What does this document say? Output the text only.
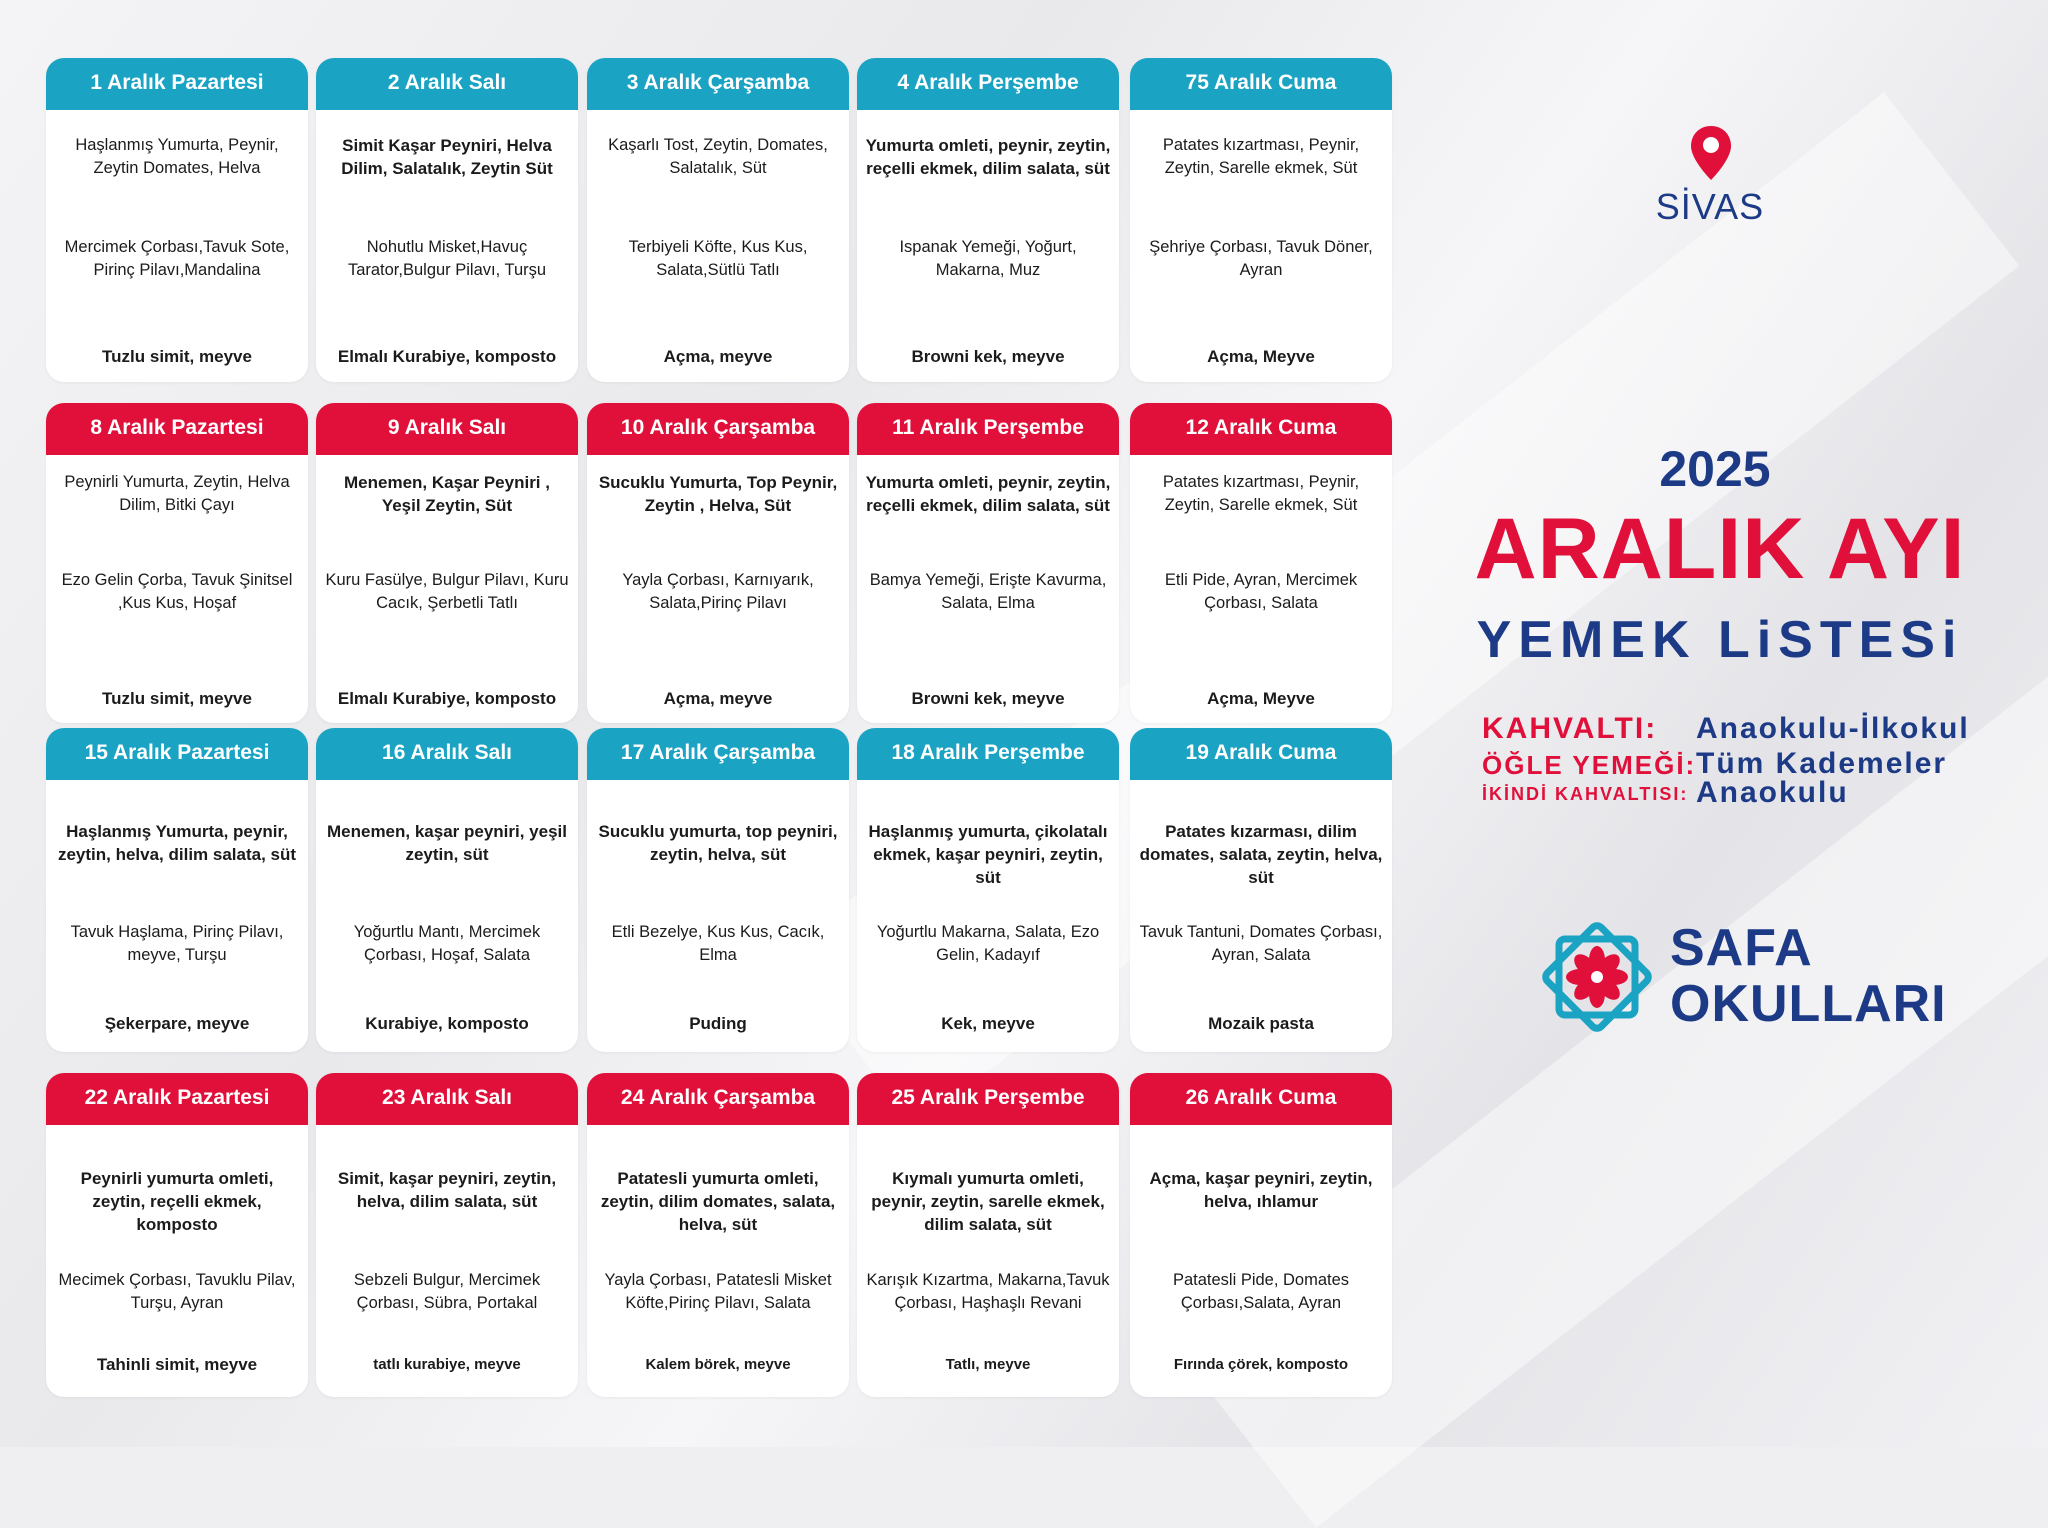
1 Aralık Pazartesi
Haşlanmış Yumurta, Peynir, Zeytin Domates, Helva
Mercimek Çorbası,Tavuk Sote, Pirinç Pilavı,Mandalina
Tuzlu simit, meyve
2 Aralık Salı
Simit Kaşar Peyniri, Helva Dilim, Salatalık, Zeytin Süt
Nohutlu Misket,Havuç Tarator,Bulgur Pilavı, Turşu
Elmalı Kurabiye, komposto
3 Aralık Çarşamba
Kaşarlı Tost, Zeytin, Domates, Salatalık, Süt
Terbiyeli Köfte, Kus Kus, Salata,Sütlü Tatlı
Açma, meyve
4 Aralık Perşembe
Yumurta omleti, peynir, zeytin, reçelli ekmek, dilim salata, süt
Ispanak Yemeği, Yoğurt, Makarna, Muz
Browni kek, meyve
75 Aralık Cuma
Patates kızartması, Peynir, Zeytin, Sarelle ekmek, Süt
Şehriye Çorbası, Tavuk Döner, Ayran
Açma, Meyve
8 Aralık Pazartesi
Peynirli Yumurta, Zeytin, Helva Dilim, Bitki Çayı
Ezo Gelin Çorba, Tavuk Şinitsel ,Kus Kus, Hoşaf
Tuzlu simit, meyve
9 Aralık Salı
Menemen, Kaşar Peyniri , Yeşil Zeytin, Süt
Kuru Fasülye, Bulgur Pilavı, Kuru Cacık, Şerbetli Tatlı
Elmalı Kurabiye, komposto
10 Aralık Çarşamba
Sucuklu Yumurta, Top Peynir, Zeytin , Helva, Süt
Yayla Çorbası, Karnıyarık, Salata,Pirinç Pilavı
Açma, meyve
11 Aralık Perşembe
Yumurta omleti, peynir, zeytin, reçelli ekmek, dilim salata, süt
Bamya Yemeği, Erişte Kavurma, Salata, Elma
Browni kek, meyve
12 Aralık Cuma
Patates kızartması, Peynir, Zeytin, Sarelle ekmek, Süt
Etli Pide, Ayran, Mercimek Çorbası, Salata
Açma, Meyve
15 Aralık Pazartesi
Haşlanmış Yumurta, peynir, zeytin, helva, dilim salata, süt
Tavuk Haşlama, Pirinç Pilavı, meyve, Turşu
Şekerpare, meyve
16 Aralık Salı
Menemen, kaşar peyniri, yeşil zeytin, süt
Yoğurtlu Mantı, Mercimek Çorbası, Hoşaf, Salata
Kurabiye, komposto
17 Aralık Çarşamba
Sucuklu yumurta, top peyniri, zeytin, helva, süt
Etli Bezelye, Kus Kus, Cacık, Elma
Puding
18 Aralık Perşembe
Haşlanmış yumurta, çikolatalı ekmek, kaşar peyniri, zeytin, süt
Yoğurtlu Makarna, Salata, Ezo Gelin, Kadayıf
Kek, meyve
19 Aralık Cuma
Patates kızarması, dilim domates, salata, zeytin, helva, süt
Tavuk Tantuni, Domates Çorbası, Ayran, Salata
Mozaik pasta
22 Aralık Pazartesi
Peynirli yumurta omleti, zeytin, reçelli ekmek, komposto
Mecimek Çorbası, Tavuklu Pilav, Turşu, Ayran
Tahinli simit, meyve
23 Aralık Salı
Simit, kaşar peyniri, zeytin, helva, dilim salata, süt
Sebzeli Bulgur, Mercimek Çorbası, Sübra, Portakal
tatlı kurabiye, meyve
24 Aralık Çarşamba
Patatesli yumurta omleti, zeytin, dilim domates, salata, helva, süt
Yayla Çorbası, Patatesli Misket Köfte,Pirinç Pilavı, Salata
Kalem börek, meyve
25 Aralık Perşembe
Kıymalı yumurta omleti, peynir, zeytin, sarelle ekmek, dilim salata, süt
Karışık Kızartma, Makarna,Tavuk Çorbası, Haşhaşlı Revani
Tatlı, meyve
26 Aralık Cuma
Açma, kaşar peyniri, zeytin, helva, ıhlamur
Patatesli Pide, Domates Çorbası,Salata, Ayran
Fırında çörek, komposto
SİVAS
2025
ARALIK AYI
YEMEK LiSTESi
KAHVALTI: Anaokulu-İlkokul
ÖĞLE YEMEĞİ: Tüm Kademeler
İKİNDİ KAHVALTISI: Anaokulu
SAFA
OKULLARI
